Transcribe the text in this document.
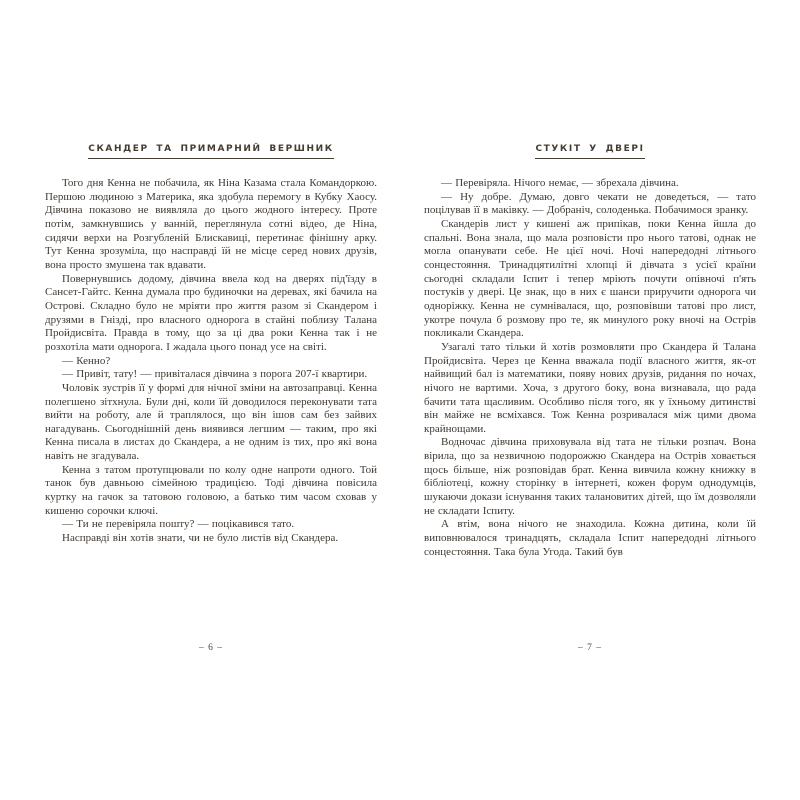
СКАНДЕР ТА ПРИМАРНИЙ ВЕРШНИК

Того дня Кенна не побачила, як Ніна Казама стала Командоркою. Першою людиною з Материка, яка здобула перемогу в Кубку Хаосу. Дівчина показово не виявляла до цього жодного інтересу. Проте потім, замкнувшись у ванній, переглянула сотні відео, де Ніна, сидячи верхи на Розгубленій Блискавиці, перетинає фінішну арку. Тут Кенна зрозуміла, що насправді їй не місце серед нових друзів, вона просто змушена так вдавати.

Повернувшись додому, дівчина ввела код на дверях під'їзду в Сансет-Гайтс. Кенна думала про будиночки на деревах, які бачила на Острові. Складно було не мріяти про життя разом зі Скандером і друзями в Гнізді, про власного однорога в стайні поблизу Талана Пройдисвіта. Правда в тому, що за ці два роки Кенна так і не розхотіла мати однорога. І жадала цього понад усе на світі.

— Кенно?

— Привіт, тату! — привіталася дівчина з порога 207-ї квартири.

Чоловік зустрів її у формі для нічної зміни на автозаправці. Кенна полегшено зітхнула. Були дні, коли їй доводилося переконувати тата вийти на роботу, але й траплялося, що він ішов сам без зайвих нагадувань. Сьогоднішній день виявився легшим — таким, про які Кенна писала в листах до Скандера, а не одним із тих, про які вона навіть не згадувала.

Кенна з татом протупцювали по колу одне напроти одного. Той танок був давньою сімейною традицією. Тоді дівчина повісила куртку на гачок за татовою головою, а батько тим часом сховав у кишеню сорочки ключі.

— Ти не перевіряла пошту? — поцікавився тато.

Насправді він хотів знати, чи не було листів від Скандера.

– 6 –
СТУКІТ У ДВЕРІ

— Перевіряла. Нічого немає, — збрехала дівчина.

— Ну добре. Думаю, довго чекати не доведеться, — тато поцілував її в маківку. — Добраніч, солоденька. Побачимося зранку.

Скандерів лист у кишені аж припікав, поки Кенна йшла до спальні. Вона знала, що мала розповісти про нього татові, однак не могла опанувати себе. Не цієї ночі. Ночі напередодні літнього сонцестояння. Тринадцятилітні хлопці й дівчата з усієї країни сьогодні складали Іспит і тепер мріють почути опівночі п'ять постуків у двері. Це знак, що в них є шанси приручити однорога чи одноріжку. Кенна не сумнівалася, що, розповівши татові про лист, укотре почула б розмову про те, як минулого року вночі на Острів покликали Скандера.

Узагалі тато тільки й хотів розмовляти про Скандера й Талана Пройдисвіта. Через це Кенна вважала події власного життя, як-от найвищий бал із математики, появу нових друзів, ридання по ночах, нічого не вартими. Хоча, з другого боку, вона визнавала, що рада бачити тата щасливим. Особливо після того, як у їхньому дитинстві він майже не всміхався. Тож Кенна розривалася між цими двома крайнощами.

Водночас дівчина приховувала від тата не тільки розпач. Вона вірила, що за незвичною подорожжю Скандера на Острів ховається щось більше, ніж розповідав брат. Кенна вивчила кожну книжку в бібліотеці, кожну сторінку в інтернеті, кожен форум однодумців, шукаючи докази існування таких талановитих дітей, що їм дозволяли не складати Іспиту.

А втім, вона нічого не знаходила. Кожна дитина, коли їй виповнювалося тринадцять, складала Іспит напередодні літнього сонцестояння. Така була Угода. Такий був

– 7 –
